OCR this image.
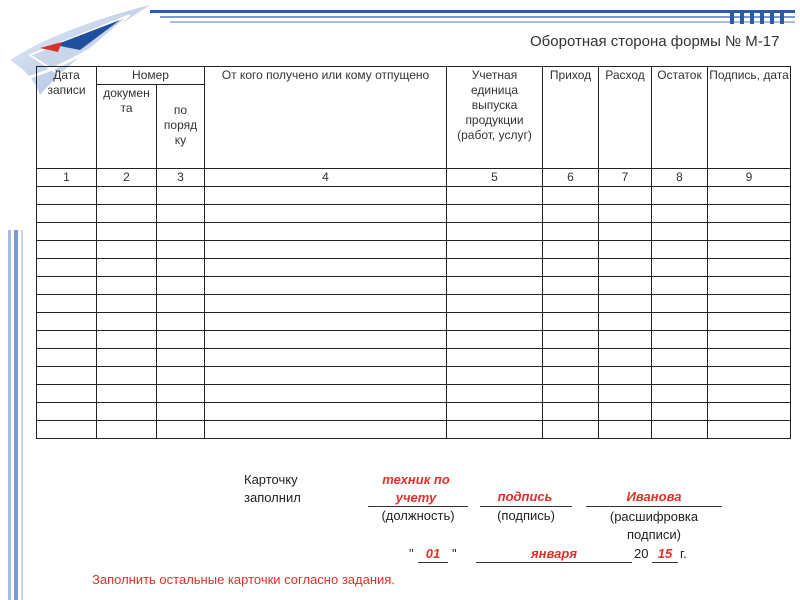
Оборотная сторона формы № М-17
Дата записи	Номер		От кого получено или кому отпущено	Учетная единица выпуска продукции (работ, услуг)	Приход	Расход	Остаток	Подпись, дата
	докумен та	по поряд ку						
1	2	3	4	5	6	7	8	9

Карточку заполнил
техник по учету
(должность)
подпись
(подпись)
Иванова
(расшифровка подписи)
" 01 "	января	20 15 г.
Заполнить остальные карточки согласно задания.
